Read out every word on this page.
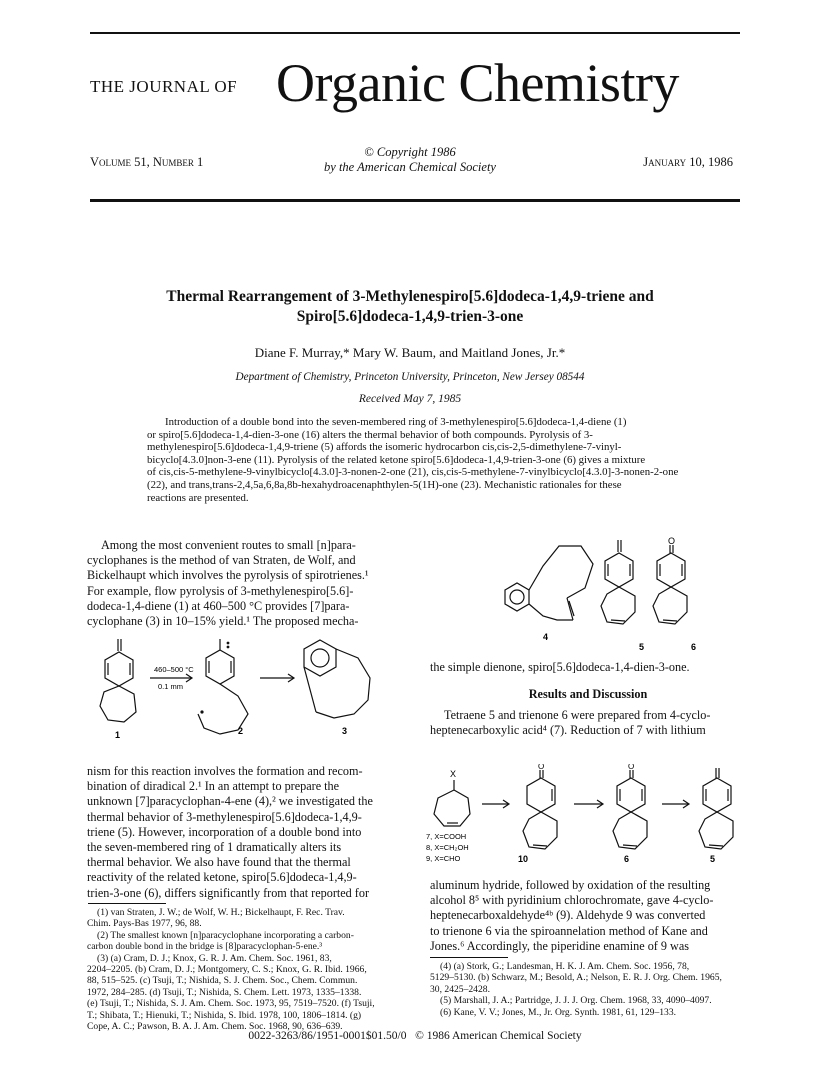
THE JOURNAL OF Organic Chemistry
Volume 51, Number 1
© Copyright 1986
by the American Chemical Society	January 10, 1986
Thermal Rearrangement of 3-Methylenespiro[5.6]dodeca-1,4,9-triene and
Spiro[5.6]dodeca-1,4,9-trien-3-one
Diane F. Murray,* Mary W. Baum, and Maitland Jones, Jr.*
Department of Chemistry, Princeton University, Princeton, New Jersey 08544
Received May 7, 1985
Introduction of a double bond into the seven-membered ring of 3-methylenespiro[5.6]dodeca-1,4-diene (1)
or spiro[5.6]dodeca-1,4-dien-3-one (16) alters the thermal behavior of both compounds. Pyrolysis of 3-
methylenespiro[5.6]dodeca-1,4,9-triene (5) affords the isomeric hydrocarbon cis,cis-2,5-dimethylene-7-vinyl-
bicyclo[4.3.0]non-3-ene (11). Pyrolysis of the related ketone spiro[5.6]dodeca-1,4,9-trien-3-one (6) gives a mixture
of cis,cis-5-methylene-9-vinylbicyclo[4.3.0]-3-nonen-2-one (21), cis,cis-5-methylene-7-vinylbicyclo[4.3.0]-3-nonen-2-one
(22), and trans,trans-2,4,5a,6,8a,8b-hexahydroacenaphthylen-5(1H)-one (23). Mechanistic rationales for these
reactions are presented.
Among the most convenient routes to small [n]para-
cyclophanes is the method of van Straten, de Wolf, and
Bickelhaupt which involves the pyrolysis of spirotrienes.¹
For example, flow pyrolysis of 3-methylenespiro[5.6]-
dodeca-1,4-diene (1) at 460–500 °C provides [7]para-
cyclophane (3) in 10–15% yield.¹ The proposed mecha-
460–500 °C
0.1 mm
1	2	3
nism for this reaction involves the formation and recom-
bination of diradical 2.¹ In an attempt to prepare the
unknown [7]paracyclophan-4-ene (4),² we investigated the
thermal behavior of 3-methylenespiro[5.6]dodeca-1,4,9-
triene (5). However, incorporation of a double bond into
the seven-membered ring of 1 dramatically alters its
thermal behavior. We also have found that the thermal
reactivity of the related ketone, spiro[5.6]dodeca-1,4,9-
trien-3-one (6), differs significantly from that reported for
(1) van Straten, J. W.; de Wolf, W. H.; Bickelhaupt, F. Rec. Trav.
Chim. Pays-Bas 1977, 96, 88.
(2) The smallest known [n]paracyclophane incorporating a carbon-
carbon double bond in the bridge is [8]paracyclophan-5-ene.³
(3) (a) Cram, D. J.; Knox, G. R. J. Am. Chem. Soc. 1961, 83,
2204–2205. (b) Cram, D. J.; Montgomery, C. S.; Knox, G. R. Ibid. 1966,
88, 515–525. (c) Tsuji, T.; Nishida, S. J. Chem. Soc., Chem. Commun.
1972, 284–285. (d) Tsuji, T.; Nishida, S. Chem. Lett. 1973, 1335–1338.
(e) Tsuji, T.; Nishida, S. J. Am. Chem. Soc. 1973, 95, 7519–7520. (f) Tsuji,
T.; Shibata, T.; Hienuki, T.; Nishida, S. Ibid. 1978, 100, 1806–1814. (g)
Cope, A. C.; Pawson, B. A. J. Am. Chem. Soc. 1968, 90, 636–639.
O
4
5	6
the simple dienone, spiro[5.6]dodeca-1,4-dien-3-one.
Results and Discussion
Tetraene 5 and trienone 6 were prepared from 4-cyclo-
heptenecarboxylic acid⁴ (7). Reduction of 7 with lithium
X
O	O
7, X=COOH
8, X=CH₂OH
9, X=CHO	10	6	5
aluminum hydride, followed by oxidation of the resulting
alcohol 8⁵ with pyridinium chlorochromate, gave 4-cyclo-
heptenecarboxaldehyde⁴ᵇ (9). Aldehyde 9 was converted
to trienone 6 via the spiroannelation method of Kane and
Jones.⁶ Accordingly, the piperidine enamine of 9 was
(4) (a) Stork, G.; Landesman, H. K. J. Am. Chem. Soc. 1956, 78,
5129–5130. (b) Schwarz, M.; Besold, A.; Nelson, E. R. J. Org. Chem. 1965,
30, 2425–2428.
(5) Marshall, J. A.; Partridge, J. J. J. Org. Chem. 1968, 33, 4090–4097.
(6) Kane, V. V.; Jones, M., Jr. Org. Synth. 1981, 61, 129–133.
0022-3263/86/1951-0001$01.50/0   © 1986 American Chemical Society
